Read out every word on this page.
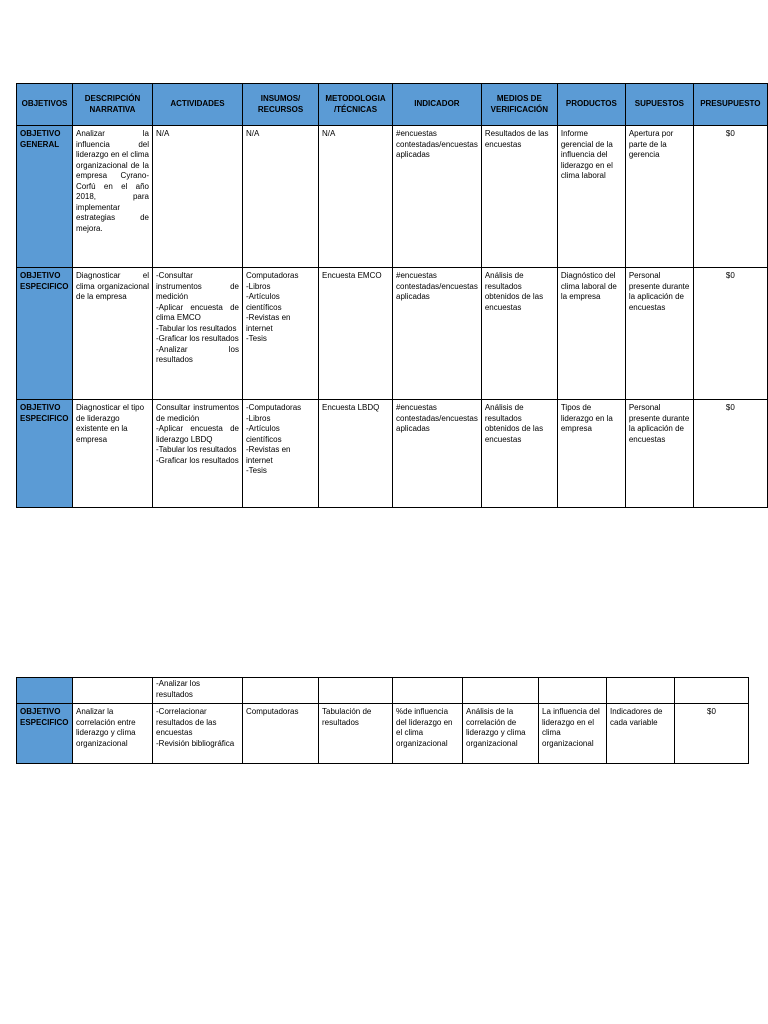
OBJETIVOS	DESCRIPCIÓN NARRATIVA	ACTIVIDADES	INSUMOS/ RECURSOS	METODOLOGIA /TÉCNICAS	INDICADOR	MEDIOS DE VERIFICACIÓN	PRODUCTOS	SUPUESTOS	PRESUPUESTO
OBJETIVO GENERAL	Analizar la influencia del liderazgo en el clima organizacional de la empresa Cyrano-Corfú en el año 2018, para implementar estrategias de mejora.	N/A	N/A	N/A	#encuestas contestadas/encuestas aplicadas	Resultados de las encuestas	Informe gerencial de la influencia del liderazgo en el clima laboral	Apertura por parte de la gerencia	$0
OBJETIVO ESPECIFICO	Diagnosticar el clima organizacional de la empresa	-Consultar instrumentos de medición
-Aplicar encuesta de clima EMCO
-Tabular los resultados
-Graficar los resultados
-Analizar los resultados	Computadoras
-Libros
-Artículos científicos
-Revistas en internet
-Tesis	Encuesta EMCO	#encuestas contestadas/encuestas aplicadas	Análisis de resultados obtenidos de las encuestas	Diagnóstico del clima laboral de la empresa	Personal presente durante la aplicación de encuestas	$0
OBJETIVO ESPECIFICO	Diagnosticar el tipo de liderazgo existente en la empresa	Consultar instrumentos de medición
-Aplicar encuesta de liderazgo LBDQ
-Tabular los resultados
-Graficar los resultados	-Computadoras
-Libros
-Artículos científicos
-Revistas en internet
-Tesis	Encuesta LBDQ	#encuestas contestadas/encuestas aplicadas	Análisis de resultados obtenidos de las encuestas	Tipos de liderazgo en la empresa	Personal presente durante la aplicación de encuestas	$0

		-Analizar los resultados							

OBJETIVO ESPECIFICO	Analizar la correlación entre liderazgo y clima organizacional	-Correlacionar resultados de las encuestas
-Revisión bibliográfica	Computadoras	Tabulación de resultados	%de influencia del liderazgo en el clima organizacional	Análisis de la correlación de liderazgo y clima organizacional	La influencia del liderazgo en el clima organizacional	Indicadores de cada variable	$0
